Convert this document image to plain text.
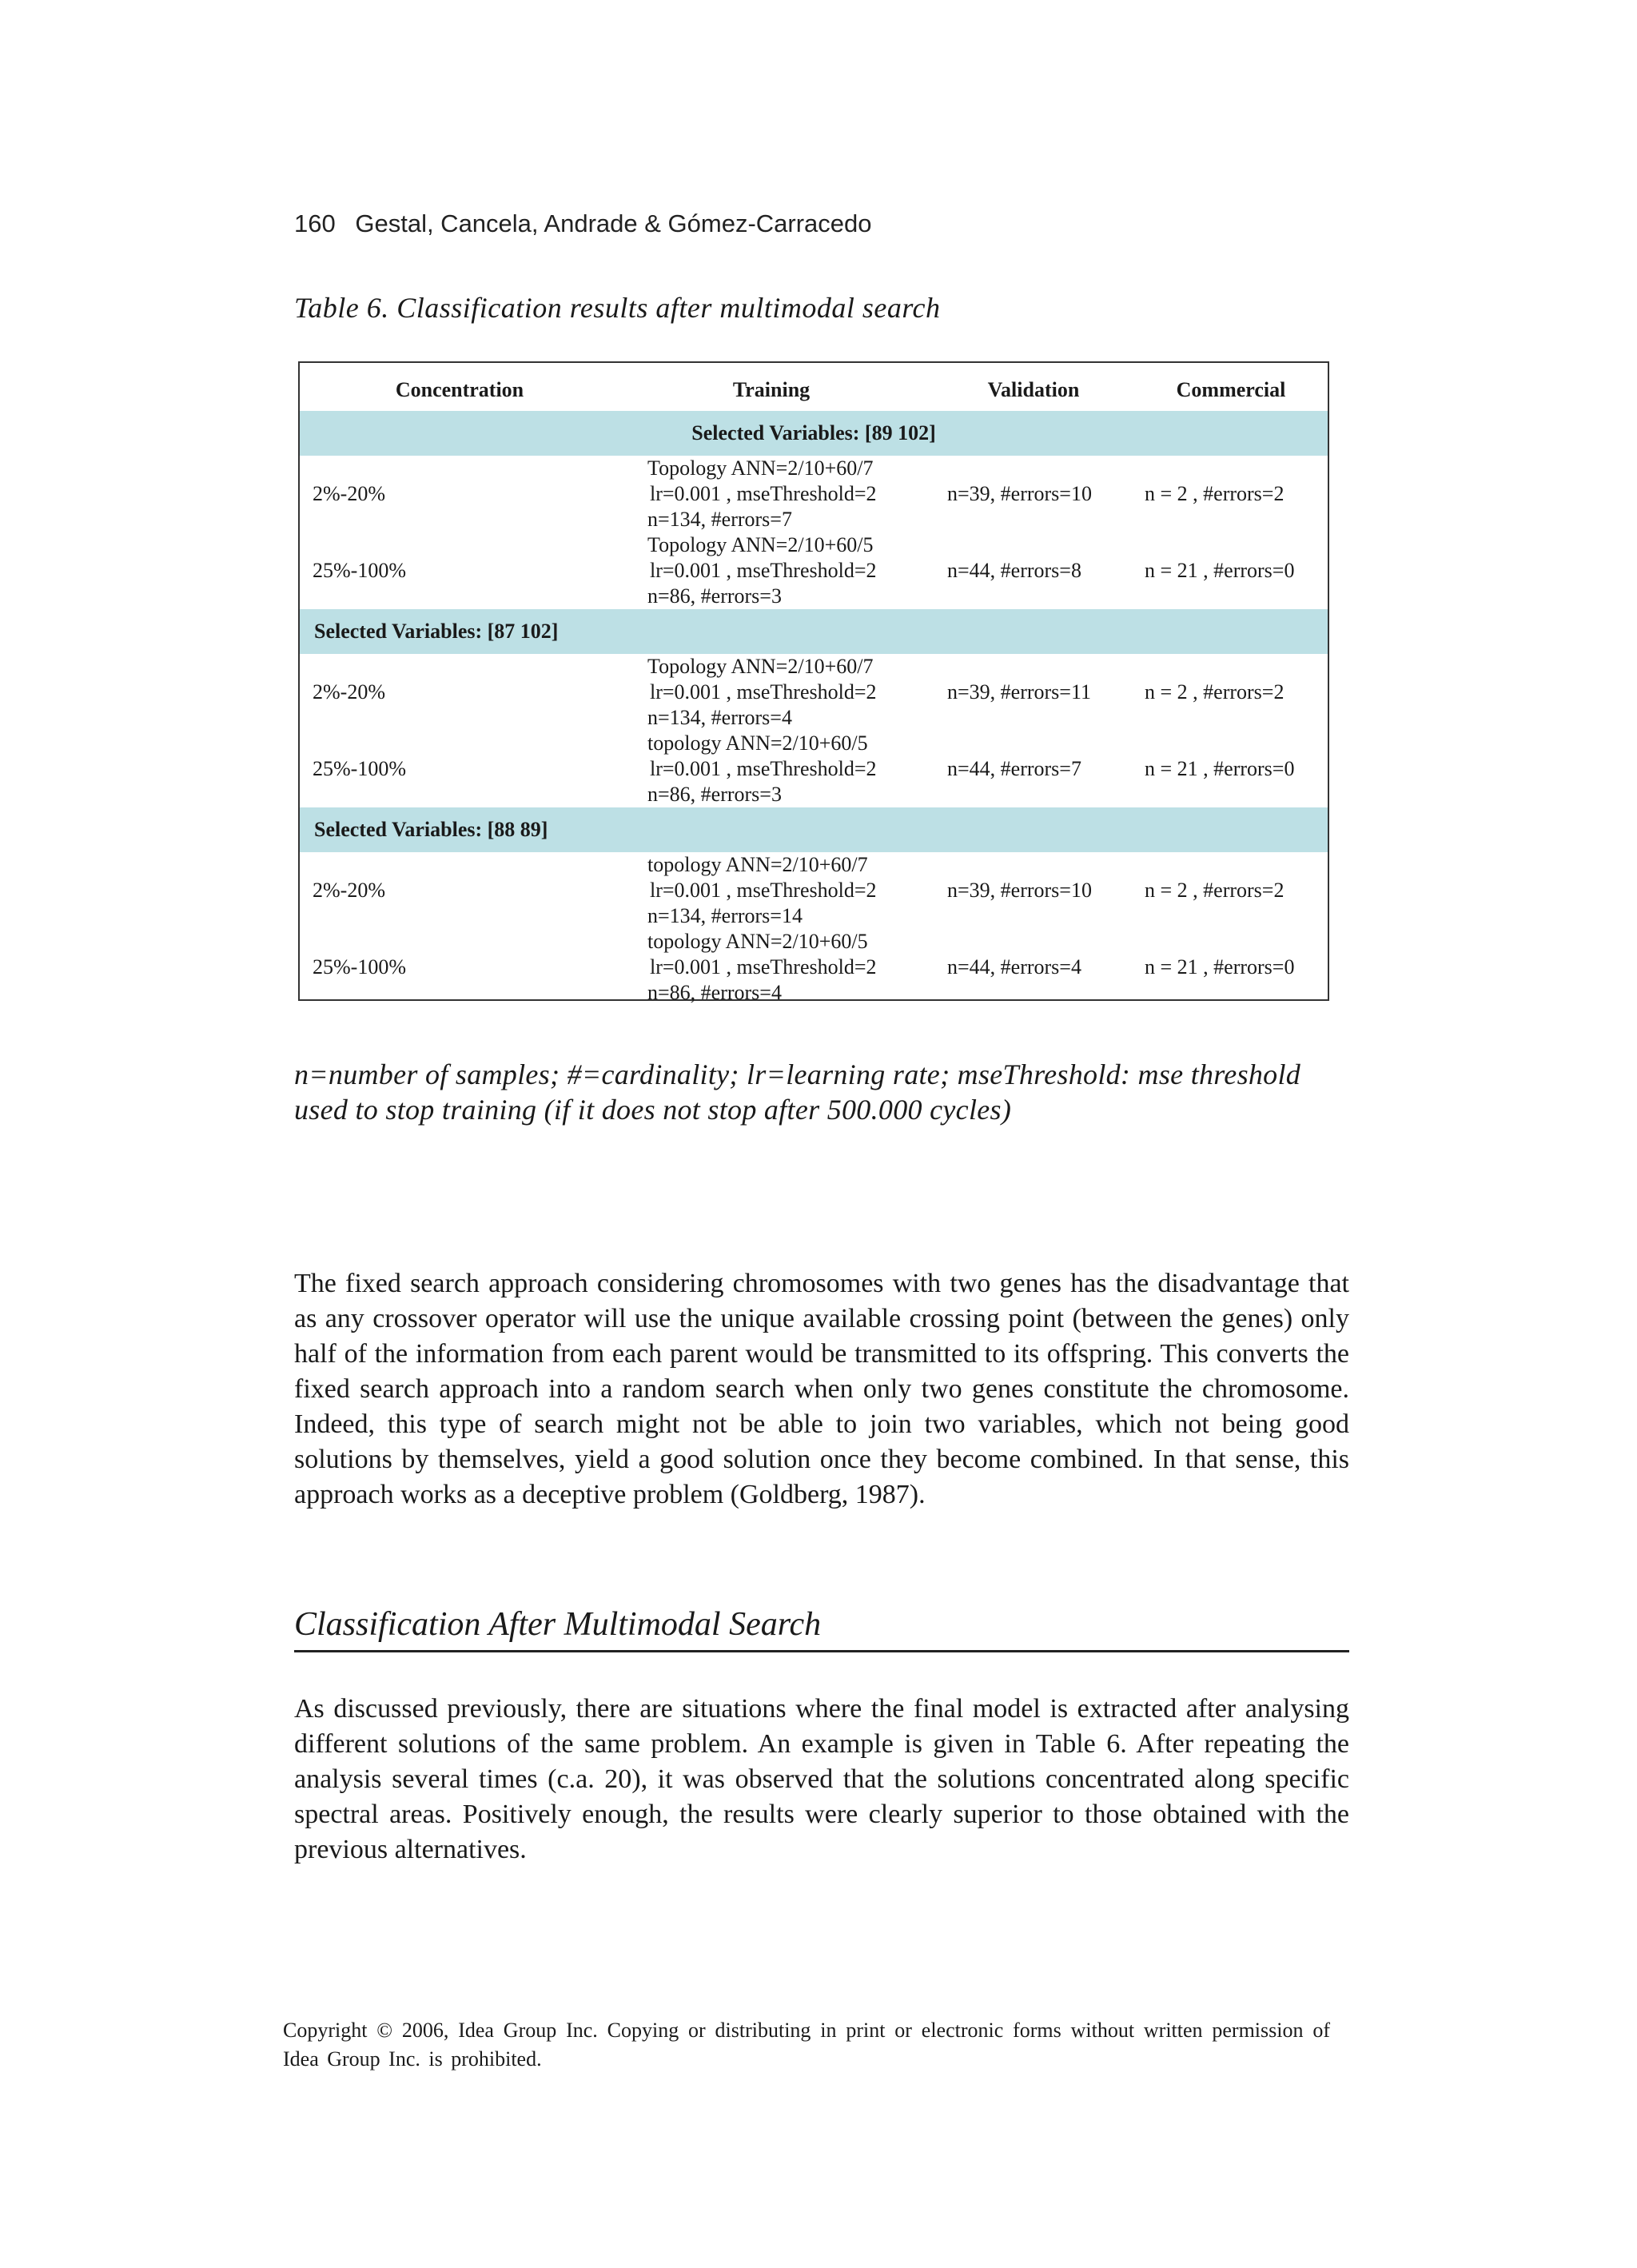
160 Gestal, Cancela, Andrade & Gómez-Carracedo
Table 6. Classification results after multimodal search
Concentration	Training	Validation	Commercial
Selected Variables: [89 102]
2%-20%
Topology ANN=2/10+60/7
lr=0.001 , mseThreshold=2
n=134, #errors=7
n=39, #errors=10	n = 2 , #errors=2
25%-100%
Topology ANN=2/10+60/5
lr=0.001 , mseThreshold=2
n=86, #errors=3
n=44, #errors=8	n = 21 , #errors=0
Selected Variables: [87 102]
2%-20%
Topology ANN=2/10+60/7
lr=0.001 , mseThreshold=2
n=134, #errors=4
n=39, #errors=11	n = 2 , #errors=2
25%-100%
topology ANN=2/10+60/5
lr=0.001 , mseThreshold=2
n=86, #errors=3
n=44, #errors=7	n = 21 , #errors=0
Selected Variables: [88 89]
2%-20%
topology ANN=2/10+60/7
lr=0.001 , mseThreshold=2
n=134, #errors=14
n=39, #errors=10	n = 2 , #errors=2
25%-100%
topology ANN=2/10+60/5
lr=0.001 , mseThreshold=2
n=86, #errors=4
n=44, #errors=4	n = 21 , #errors=0
n=number of samples; #=cardinality; lr=learning rate; mseThreshold: mse threshold used to stop training (if it does not stop after 500.000 cycles)
The fixed search approach considering chromosomes with two genes has the disadvantage that as any crossover operator will use the unique available crossing point (between the genes) only half of the information from each parent would be transmitted to its offspring. This converts the fixed search approach into a random search when only two genes constitute the chromosome. Indeed, this type of search might not be able to join two variables, which not being good solutions by themselves, yield a good solution once they become combined. In that sense, this approach works as a deceptive problem (Goldberg, 1987).
Classification After Multimodal Search
As discussed previously, there are situations where the final model is extracted after analysing different solutions of the same problem. An example is given in Table 6. After repeating the analysis several times (c.a. 20), it was observed that the solutions concentrated along specific spectral areas. Positively enough, the results were clearly superior to those obtained with the previous alternatives.
Copyright © 2006, Idea Group Inc. Copying or distributing in print or electronic forms without written permission of Idea Group Inc. is prohibited.
